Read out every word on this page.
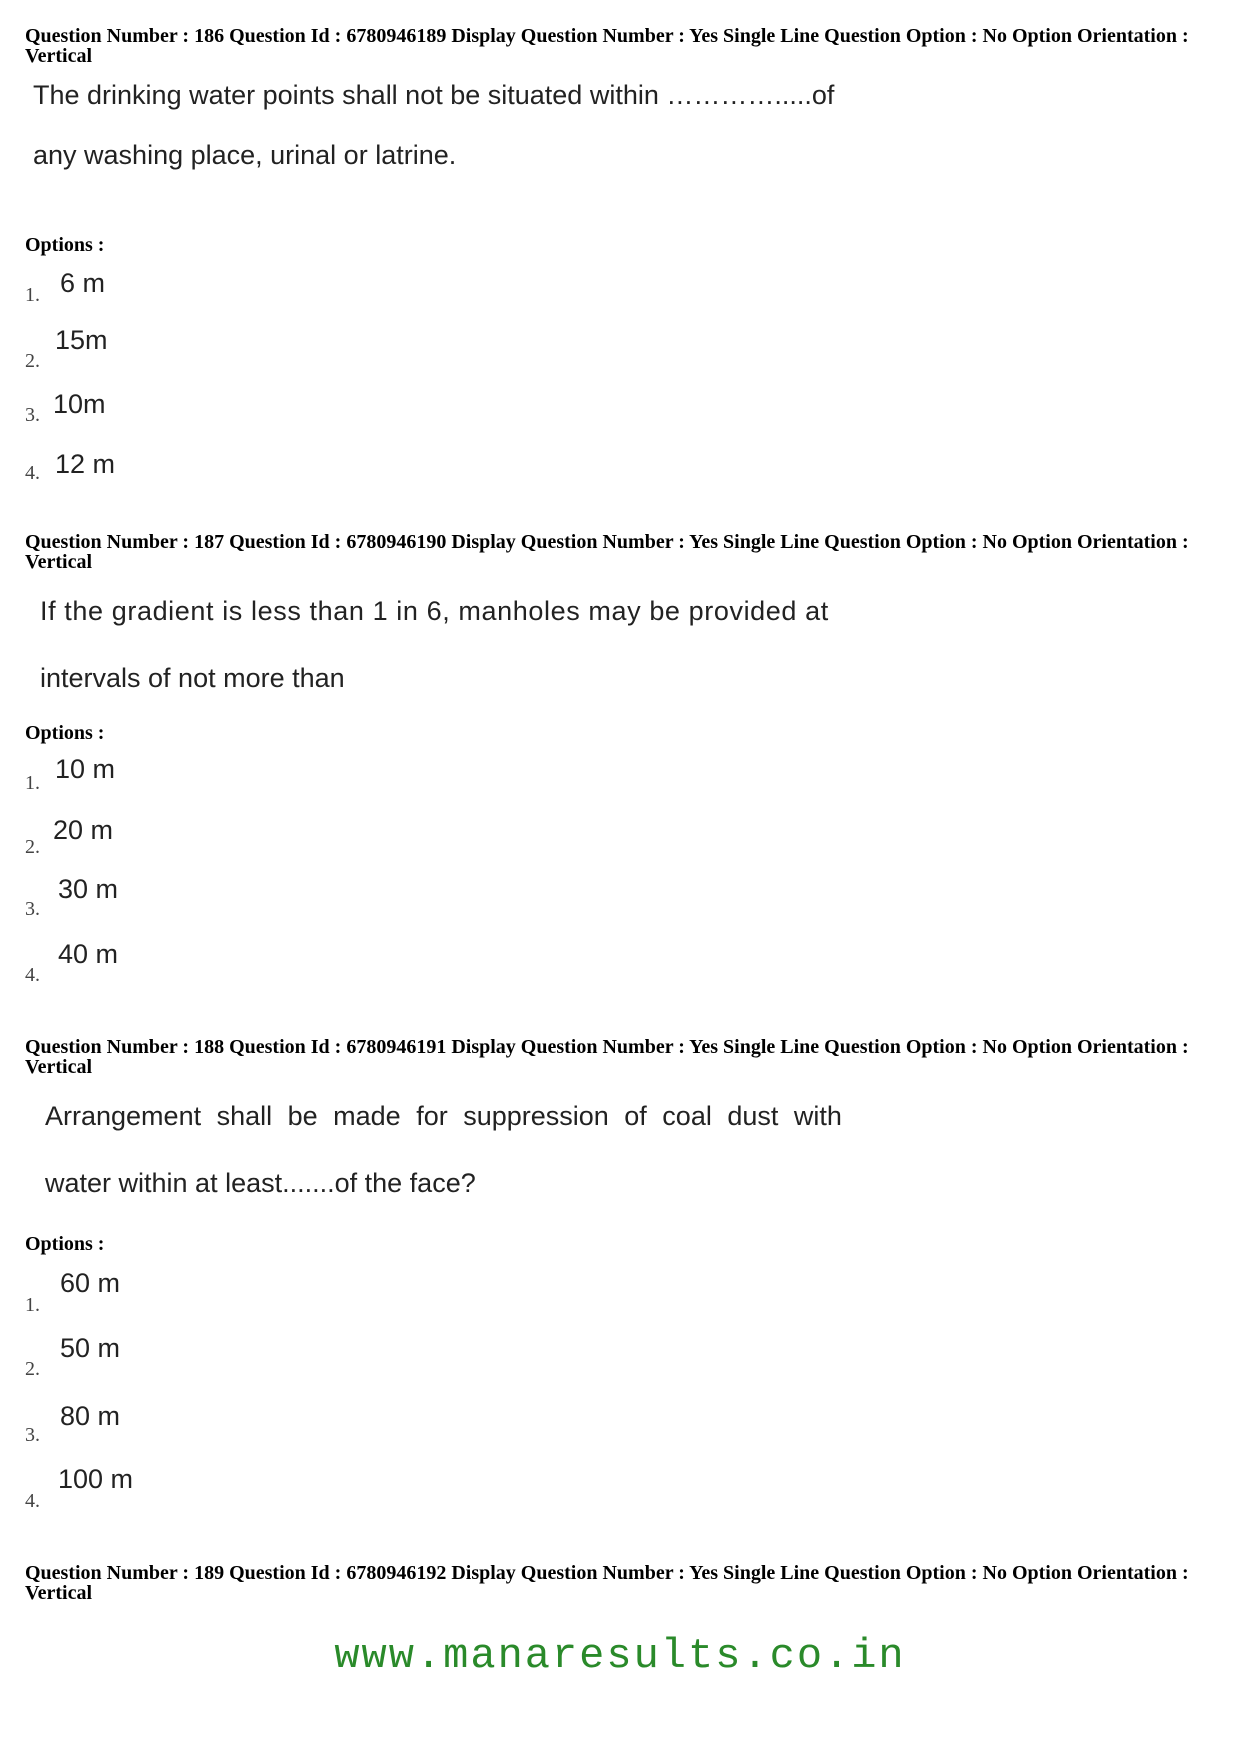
Question Number : 186 Question Id : 6780946189 Display Question Number : Yes Single Line Question Option : No Option Orientation : Vertical
The drinking water points shall not be situated within ………….....of
any washing place, urinal or latrine.
Options :
1. 6 m
2.
15m
3. 10m
4. 12 m
Question Number : 187 Question Id : 6780946190 Display Question Number : Yes Single Line Question Option : No Option Orientation : Vertical
If the gradient is less than 1 in 6, manholes may be provided at
intervals of not more than
Options :
1. 10 m
2.
20 m
3.
30 m
4.
40 m
Question Number : 188 Question Id : 6780946191 Display Question Number : Yes Single Line Question Option : No Option Orientation : Vertical
Arrangement shall be made for suppression of coal dust with
water within at least.......of the face?
Options :
1.
60 m
2.
50 m
3.
80 m
4.
100 m
Question Number : 189 Question Id : 6780946192 Display Question Number : Yes Single Line Question Option : No Option Orientation : Vertical
www.manaresults.co.in
